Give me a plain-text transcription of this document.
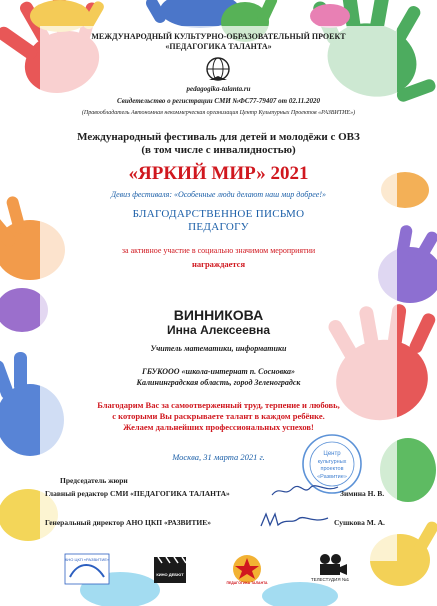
МЕЖДУНАРОДНЫЙ КУЛЬТУРНО-ОБРАЗОВАТЕЛЬНЫЙ ПРОЕКТ
«ПЕДАГОГИКА ТАЛАНТА»
pedagogika-talanta.ru
Свидетельство о регистрации СМИ №ФС77-79407 от 02.11.2020
(Правообладатель Автономная некоммерческая организация Центр Культурных Проектов «РАЗВИТИЕ»)
Международный фестиваль для детей и молодёжи с ОВЗ
(в том числе с инвалидностью)
«ЯРКИЙ МИР» 2021
Девиз фестиваля: «Особенные люди делают наш мир добрее!»
БЛАГОДАРСТВЕННОЕ ПИСЬМО
ПЕДАГОГУ
за активное участие в социально значимом мероприятии
награждается
ВИННИКОВА
Инна Алексеевна
Учитель математики, информатики
ГБУКООО «школа-интернат п. Сосновка»
Калининградская область, город Зеленоградск
Благодарим Вас за самоотверженный труд, терпение и любовь,
с которыми Вы раскрываете талант в каждом ребёнке.
Желаем дальнейших профессиональных успехов!
Москва, 31 марта 2021 г.	Центр
культурных
проектов
«Развитие»
Председатель жюри
Главный редактор СМИ «ПЕДАГОГИКА ТАЛАНТА»	Зимина Н. В.
Генеральный директор АНО ЦКП «РАЗВИТИЕ»	Сушкова М. А.
АНО ЦКП «РАЗВИТИЕ»
КИНО ДЕБЮТ
ПЕДАГОГИКА ТАЛАНТА
ТЕЛЕСТУДИЯ №1
